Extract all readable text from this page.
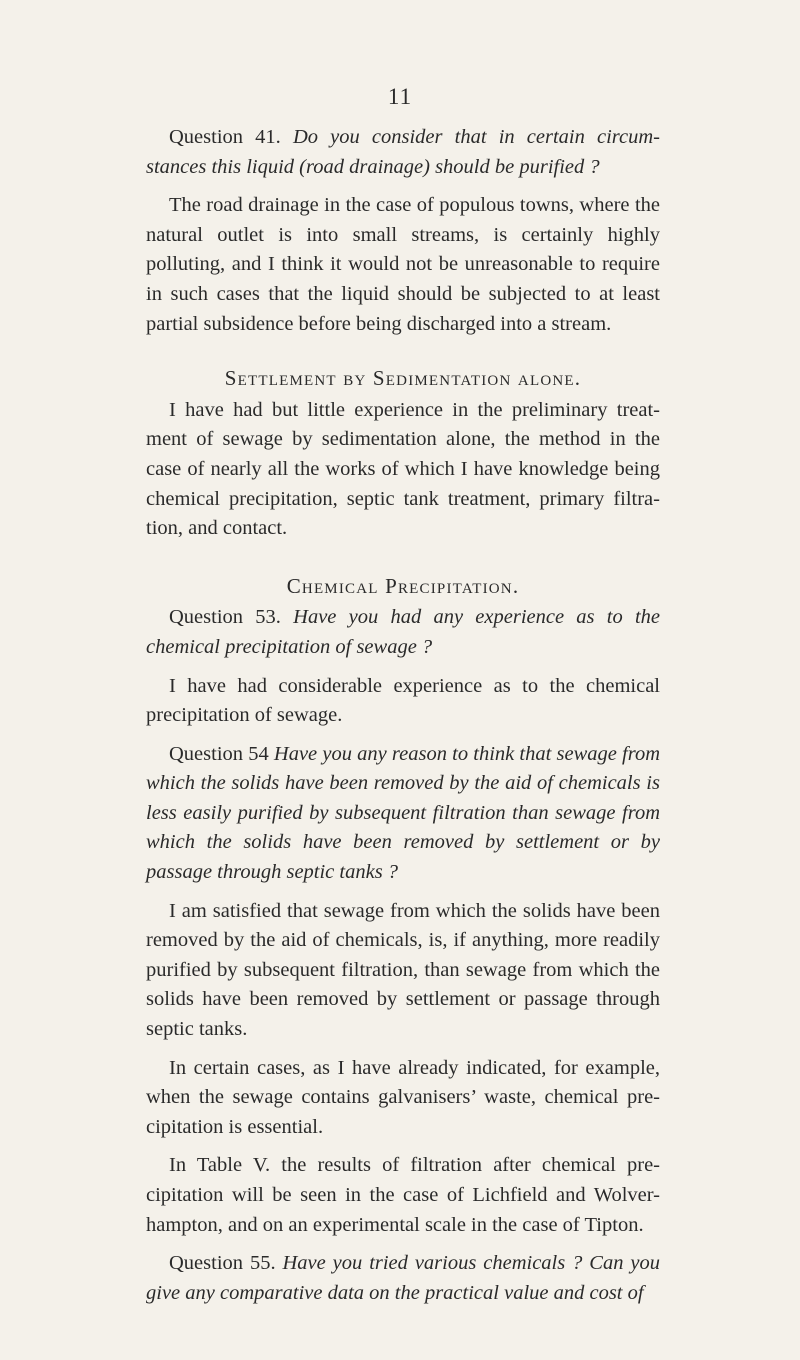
11

Question 41. Do you consider that in certain circum- stances this liquid (road drainage) should be purified ?

The road drainage in the case of populous towns, where the natural outlet is into small streams, is certainly highly polluting, and I think it would not be unreasonable to require in such cases that the liquid should be subjected to at least partial subsidence before being discharged into a stream.

Settlement by Sedimentation alone.

I have had but little experience in the preliminary treat- ment of sewage by sedimentation alone, the method in the case of nearly all the works of which I have knowledge being chemical precipitation, septic tank treatment, primary filtra- tion, and contact.

Chemical Precipitation.

Question 53. Have you had any experience as to the chemical precipitation of sewage ?

I have had considerable experience as to the chemical precipitation of sewage.

Question 54 Have you any reason to think that sewage from which the solids have been removed by the aid of chemicals is less easily purified by subsequent filtration than sewage from which the solids have been removed by settlement or by passage through septic tanks ?

I am satisfied that sewage from which the solids have been removed by the aid of chemicals, is, if anything, more readily purified by subsequent filtration, than sewage from which the solids have been removed by settlement or passage through septic tanks.

In certain cases, as I have already indicated, for example, when the sewage contains galvanisers’ waste, chemical pre- cipitation is essential.

In Table V. the results of filtration after chemical pre- cipitation will be seen in the case of Lichfield and Wolver- hampton, and on an experimental scale in the case of Tipton.

Question 55. Have you tried various chemicals ? Can you give any comparative data on the practical value and cost of
